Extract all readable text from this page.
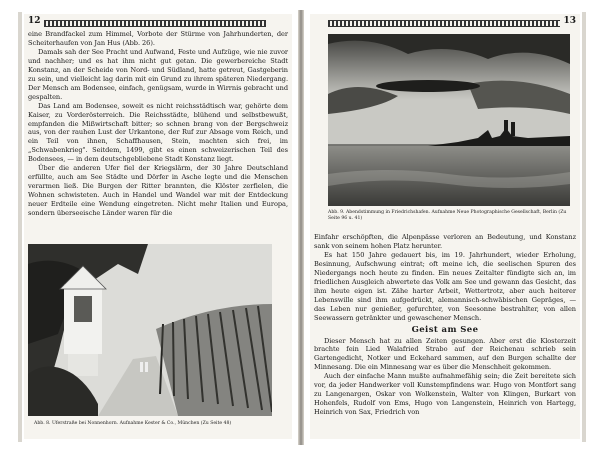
12

eine Brandfackel zum Himmel, Vorbote der Stürme von Jahrhunderten, der Scheiterhaufen von Jan Hus (Abb. 26).

Damals sah der See Pracht und Aufwand, Feste und Aufzüge, wie nie zuvor und nachher; und es hat ihm nicht gut getan. Die gewerbereiche Stadt Konstanz, an der Scheide von Nord- und Südland, hatte getreut, Gastgeberin zu sein, und vielleicht lag darin mit ein Grund zu ihrem späteren Niedergang. Der Mensch am Bodensee, einfach, genügsam, wurde in Wirrnis gebracht und gespalten.

Das Land am Bodensee, soweit es nicht reichsstädtisch war, gehörte dem Kaiser, zu Vorderösterreich. Die Reichsstädte, blühend und selbstbewußt, empfanden die Mißwirtschaft bitter; so schnen brang von der Bergschweiz aus, von der rauhen Lust der Urkantone, der Ruf zur Absage vom Reich, und ein Teil von ihnen, Schaffhausen, Stein, machten sich frei, im „Schwabenkrieg". Seitdem, 1499, gibt es einen schweizerischen Teil des Bodensees, — in dem deutschgebliebene Stadt Konstanz liegt.

Über die anderen Ufer fiel der Kriegslärm, der 30 Jahre Deutschland erfüllte, auch am See Städte und Dörfer in Asche legte und die Menschen verarmen ließ. Die Burgen der Ritter brannten, die Klöster zerfielen, die Wohnen schwisteten. Auch in Handel und Wandel war mit der Entdeckung neuer Erdteile eine Wendung eingetreten. Nicht mehr Italien und Europa, sondern überseeische Länder waren für die

Abb. 8. Uferstraße bei Nonnenhorn. Aufnahme Kester & Co., München (Zu Seite 48)
13
Abb. 9. Abendstimmung in Friedrichshafen. Aufnahme Neue Photographische Gesellschaft, Berlin (Zu Seite 96 u. 41)

Einfahr erschöpften, die Alpenpässe verloren an Bedeutung, und Konstanz sank von seinem hohen Platz herunter.

Es hat 150 Jahre gedauert bis, im 19. Jahrhundert, wieder Erholung, Besinnung, Aufschwung eintrat; oft meine ich, die seelischen Spuren des Niedergangs noch heute zu finden. Ein neues Zeitalter fündigte sich an, im friedlichen Ausgleich abwertete das Volk am See und gewann das Gesicht, das ihm heute eigen ist. Zähe harter Arbeit, Wettertrotz, aber auch heiterer Lebenswille sind ihm aufgedrückt, alemannisch-schwäbischen Gepräges, — das Leben nur genießer, gefurchter, von Seesonne bestrahlter, von allen Seewassern getränkter und gewaschener Mensch.

Geist am See

Dieser Mensch hat zu allen Zeiten gesungen. Aber erst die Klosterzeit brachte fein Lied Walafried Strabo auf der Reichenau schrieb sein Gartengedicht, Notker und Eckehard sammen, auf den Burgen schallte der Minnesang. Die ein Minnesang war es über die Menschheit gekommen.

Auch der einfache Mann mußte aufnahmefähig sein; die Zeit bereitete sich vor, da jeder Handwerker voll Kunstempfindens war. Hugo von Montfort sang zu Langenargen, Oskar von Wolkenstein, Walter von Klingen, Burkart von Hohenfels, Rudolf von Ems, Hugo von Langenstein, Heinrich von Hartegg, Heinrich von Sax, Friedrich von
